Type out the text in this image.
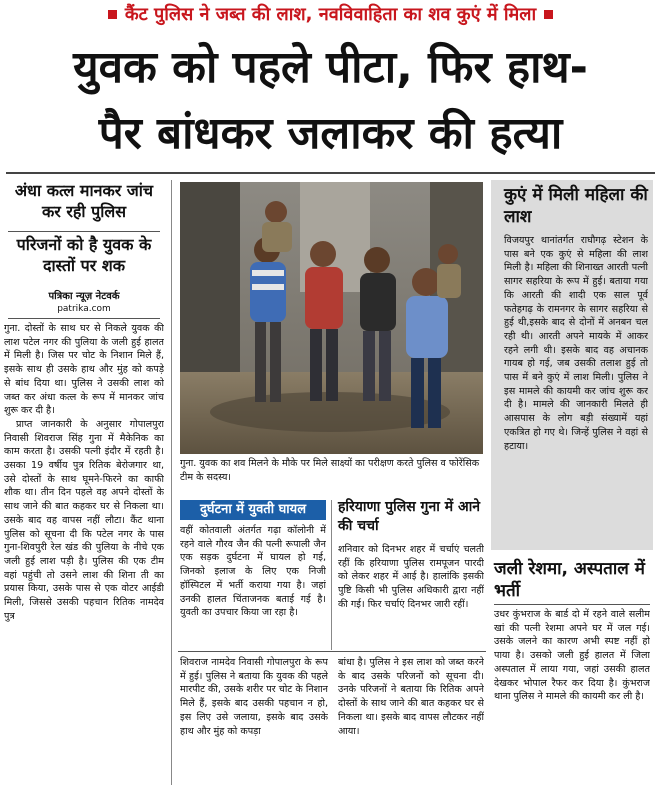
कैंट पुलिस ने जब्त की लाश, नवविवाहिता का शव कुएं में मिला
युवक को पहले पीटा, फिर हाथ-
पैर बांधकर जलाकर की हत्या
अंधा कत्ल मानकर जांच कर रही पुलिस
परिजनों को है युवक के दास्तों पर शक
पत्रिका न्यूज़ नेटवर्क
patrika.com

गुना. दोस्तों के साथ घर से निकले युवक की लाश पटेल नगर की पुलिया के जली हुई हालत में मिली है। जिस पर चोट के निशान मिले हैं, इसके साथ ही उसके हाथ और मुंह को कपड़े से बांध दिया था। पुलिस ने उसकी लाश को जब्त कर अंधा कत्ल के रूप में मानकर जांच शुरू कर दी है।

प्राप्त जानकारी के अनुसार गोपालपुरा निवासी शिवराज सिंह गुना में मैकेनिक का काम करता है। उसकी पत्नी इंदौर में रहती है। उसका 19 वर्षीय पुत्र रितिक बेरोजगार था, उसे दोस्तों के साथ घूमने-फिरने का काफी शौक था। तीन दिन पहले वह अपने दोस्तों के साथ जाने की बात कहकर घर से निकला था। उसके बाद वह वापस नहीं लौटा। कैंट थाना पुलिस को सूचना दी कि पटेल नगर के पास गुना-शिवपुरी रेल खंड की पुलिया के नीचे एक जली हुई लाश पड़ी है। पुलिस की एक टीम वहां पहुंची तो उसने लाश की शिना ती का प्रयास किया, उसके पास से एक वोटर आईडी मिली, जिससे उसकी पहचान रितिक नामदेव पुत्र

गुना. युवक का शव मिलने के मौके पर मिले साक्ष्यों का परीक्षण करते पुलिस व फोरेंसिक टीम के सदस्य।
दुर्घटना में युवती घायल
वहीं कोतवाली अंतर्गत गढ़ा कॉलोनी में रहने वाले गौरव जैन की पत्नी रूपाली जैन एक सड़क दुर्घटना में घायल हो गई, जिनको इलाज के लिए एक निजी हॉस्पिटल में भर्ती कराया गया है। जहां उनकी हालत चिंताजनक बताई गई है। युवती का उपचार किया जा रहा है।
हरियाणा पुलिस गुना में आने की चर्चा
शनिवार को दिनभर शहर में चर्चाएं चलती रहीं कि हरियाणा पुलिस रामपूजन पारदी को लेकर शहर में आई है। हालांकि इसकी पुष्टि किसी भी पुलिस अधिकारी द्वारा नहीं की गई। फिर चर्चाएं दिनभर जारी रहीं।
शिवराज नामदेव निवासी गोपालपुरा के रूप में हुई। पुलिस ने बताया कि युवक की पहले मारपीट की, उसके शरीर पर चोट के निशान मिले हैं, इसके बाद उसकी पहचान न हो, इस लिए उसे जलाया, इसके बाद उसके हाथ और मुंह को कपड़ा
बांधा है। पुलिस ने इस लाश को जब्त करने के बाद उसके परिजनों को सूचना दी। उनके परिजनों ने बताया कि रितिक अपने दोस्तों के साथ जाने की बात कहकर घर से निकला था। इसके बाद वापस लौटकर नहीं आया।
कुएं में मिली महिला की लाश
विजयपुर थानांतर्गत राघौगढ़ स्टेशन के पास बने एक कुएं से महिला की लाश मिली है। महिला की शिनाख्त आरती पत्नी सागर सहरिया के रूप में हुई। बताया गया कि आरती की शादी एक साल पूर्व फतेहगढ़ के रामनगर के सागर सहरिया से हुई थी,इसके बाद से दोनों में अनबन चल रही थी। आरती अपने मायके में आकर रहने लगी थी। इसके बाद वह अचानक गायब हो गई, जब उसकी तलाश हुई तो पास में बने कुएं में लाश मिली। पुलिस ने इस मामले की कायमी कर जांच शुरू कर दी है। मामले की जानकारी मिलते ही आसपास के लोग बड़ी संख्यामें यहां एकत्रित हो गए थे। जिन्हें पुलिस ने वहां से हटाया।
जली रेशमा, अस्पताल में भर्ती
उधर कुंभराज के बार्ड दो में रहने वाले सलीम खां की पत्नी रेशमा अपने घर में जल गई। उसके जलने का कारण अभी स्पष्ट नहीं हो पाया है। उसको जली हुई हालत में जिला अस्पताल में लाया गया, जहां उसकी हालत देखकर भोपाल रैफर कर दिया है। कुंभराज थाना पुलिस ने मामले की कायमी कर ली है।
